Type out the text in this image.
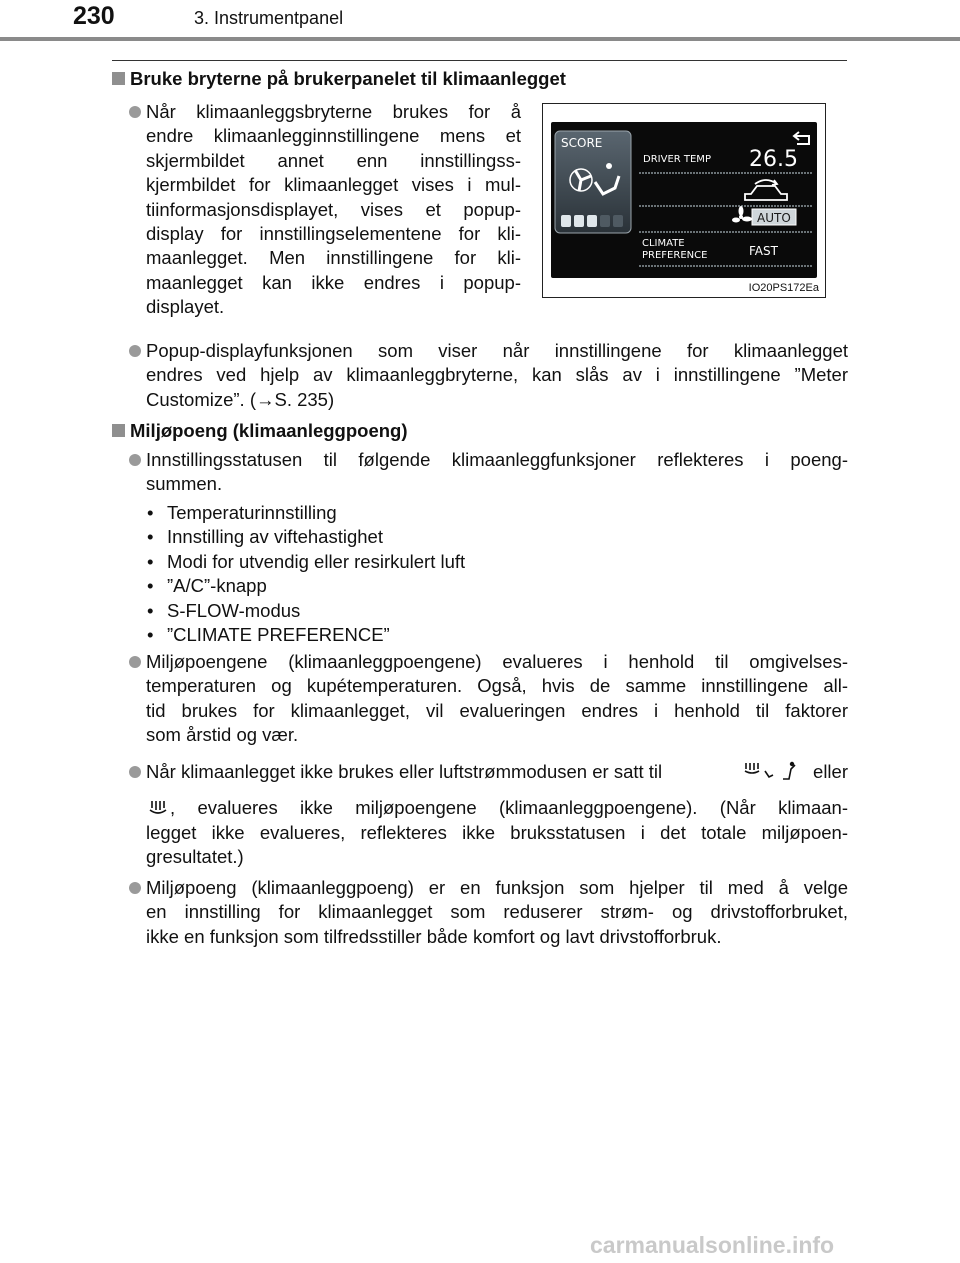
230	3. Instrumentpanel
Bruke bryterne på brukerpanelet til klimaanlegget
Når klimaanleggsbryterne brukes for å
endre klimaanlegginnstillingene mens et
skjermbildet annet enn innstillingss-
kjermbildet for klimaanlegget vises i mul-
tiinformasjonsdisplayet, vises et popup-
display for innstillingselementene for kli-
maanlegget. Men innstillingene for kli-
maanlegget kan ikke endres i popup-
displayet.
SCORE
DRIVER TEMP 26.5
AUTO
CLIMATE
PREFERENCE	FAST
IO20PS172Ea
Popup-displayfunksjonen som viser når innstillingene for klimaanlegget
endres ved hjelp av klimaanleggbryterne, kan slås av i innstillingene ”Meter
Customize”. (→S. 235)
Miljøpoeng (klimaanleggpoeng)
Innstillingsstatusen til følgende klimaanleggfunksjoner reflekteres i poeng-
summen.
• Temperaturinnstilling
• Innstilling av viftehastighet
• Modi for utvendig eller resirkulert luft
• ”A/C”-knapp
• S-FLOW-modus
• ”CLIMATE PREFERENCE”
Miljøpoengene (klimaanleggpoengene) evalueres i henhold til omgivelses-
temperaturen og kupétemperaturen. Også, hvis de samme innstillingene all-
tid brukes for klimaanlegget, vil evalueringen endres i henhold til faktorer
som årstid og vær.
Når klimaanlegget ikke brukes eller luftstrømmodusen er satt til	eller
, evalueres ikke miljøpoengene (klimaanleggpoengene). (Når klimaan-
legget ikke evalueres, reflekteres ikke bruksstatusen i det totale miljøpoen-
gresultatet.)
Miljøpoeng (klimaanleggpoeng) er en funksjon som hjelper til med å velge
en innstilling for klimaanlegget som reduserer strøm- og drivstofforbruket,
ikke en funksjon som tilfredsstiller både komfort og lavt drivstofforbruk.
carmanualsonline.info
